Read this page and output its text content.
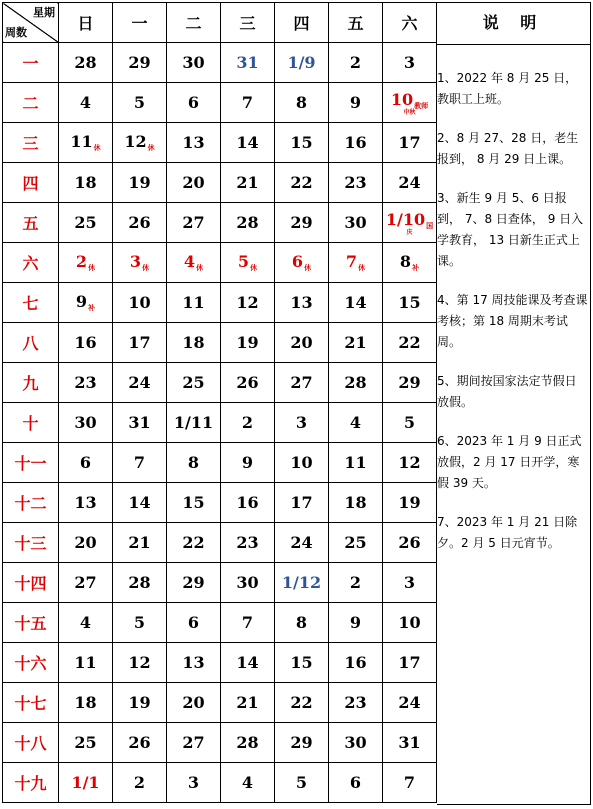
星期
周数	日	一	二	三	四	五	六
一	28	29	30	31	1/9	2	3
二	4	5	6	7	8	9	10教师
中秋

三	11休	12休	13	14	15	16	17
四	18	19	20	21	22	23	24
五	25	26	27	28	29	30	1/10国
庆

六	2休	3休	4休	5休	6休	7休	8补
七	9补	10	11	12	13	14	15
八	16	17	18	19	20	21	22
九	23	24	25	26	27	28	29
十	30	31	1/11	2	3	4	5
十一	6	7	8	9	10	11	12
十二	13	14	15	16	17	18	19
十三	20	21	22	23	24	25	26
十四	27	28	29	30	1/12	2	3
十五	4	5	6	7	8	9	10
十六	11	12	13	14	15	16	17
十七	18	19	20	21	22	23	24
十八	25	26	27	28	29	30	31
十九	1/1	2	3	4	5	6	7
说 明
1、2022 年 8 月 25 日，教职工上班。
2、8 月 27、28 日，老生报到， 8 月 29 日上课。
3、新生 9 月 5、6 日报到， 7、8 日查体， 9 日入学教育， 13 日新生正式上课。
4、第 17 周技能课及考查课考核；第 18 周期末考试周。
5、期间按国家法定节假日放假。
6、2023 年 1 月 9 日正式放假，2 月 17 日开学，寒假 39 天。
7、2023 年 1 月 21 日除夕。2 月 5 日元宵节。
